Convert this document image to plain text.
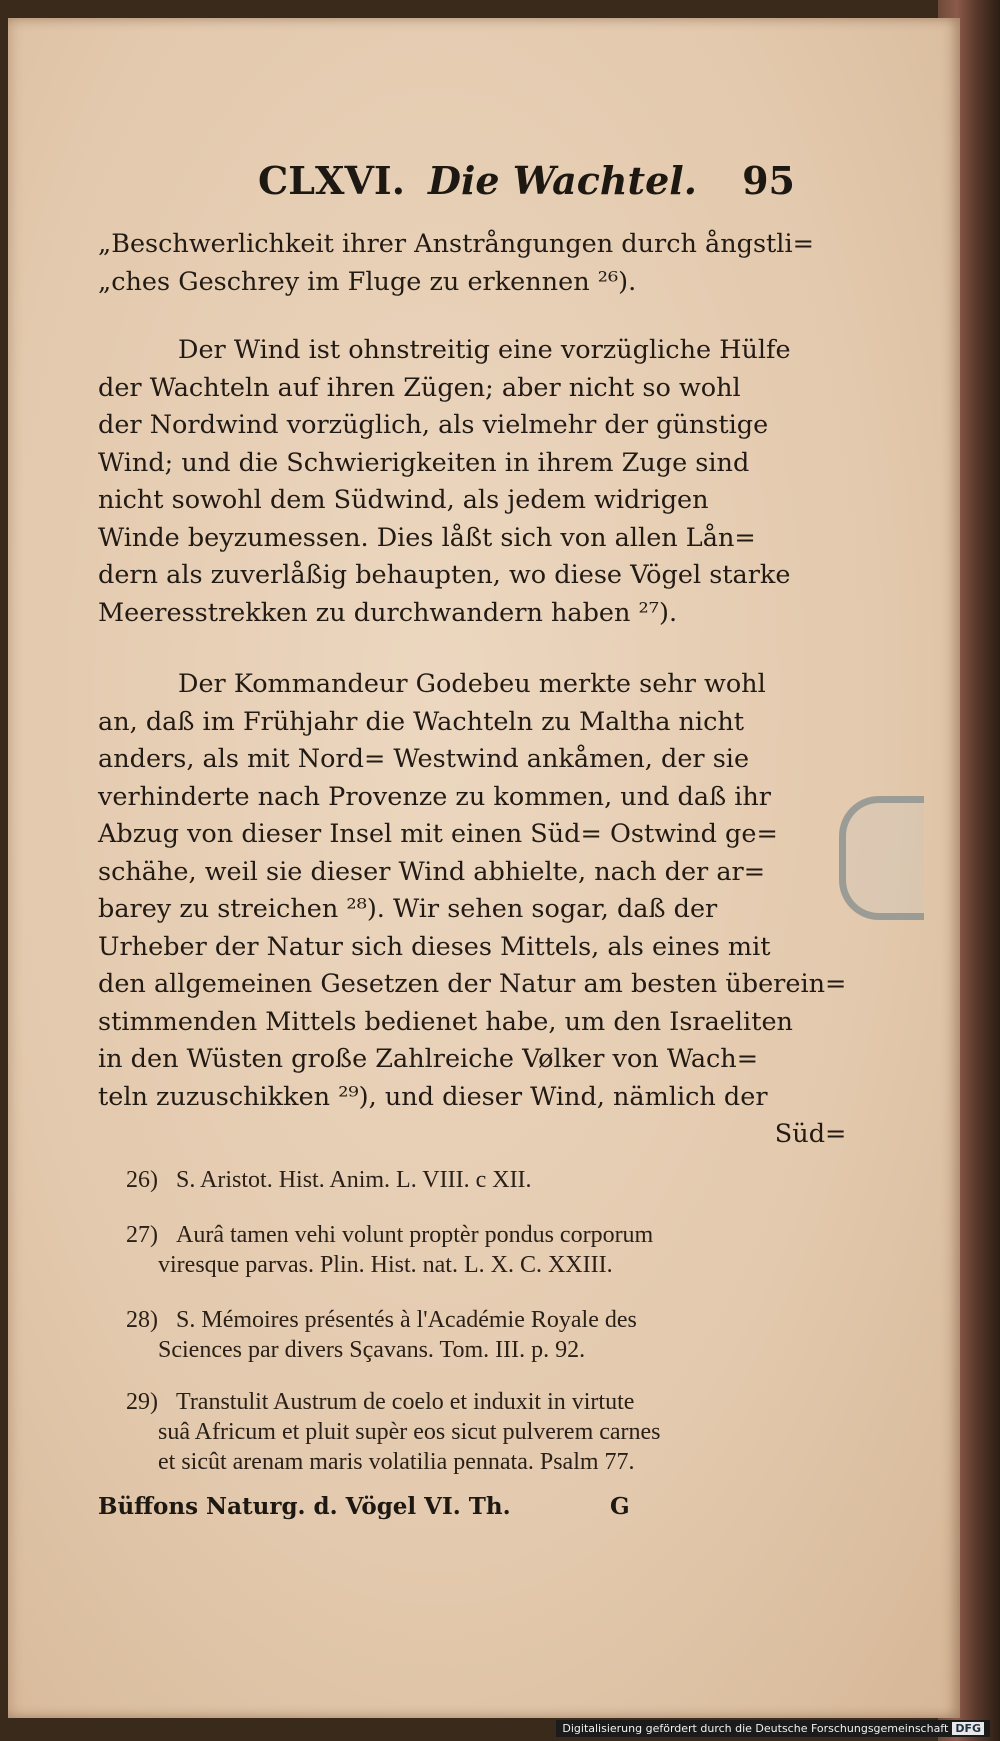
CLXVI. Die Wachtel. 95
„Beschwerlichkeit ihrer Anstrångungen durch ångstli=
„ches Geschrey im Fluge zu erkennen ²⁶).
Der Wind ist ohnstreitig eine vorzügliche Hülfe
der Wachteln auf ihren Zügen; aber nicht so wohl
der Nordwind vorzüglich, als vielmehr der günstige
Wind; und die Schwierigkeiten in ihrem Zuge sind
nicht sowohl dem Südwind, als jedem widrigen
Winde beyzumessen. Dies låßt sich von allen Lån=
dern als zuverlåßig behaupten, wo diese Vögel starke
Meeresstrekken zu durchwandern haben ²⁷).
Der Kommandeur Godebeu merkte sehr wohl
an, daß im Frühjahr die Wachteln zu Maltha nicht
anders, als mit Nord= Westwind ankåmen, der sie
verhinderte nach Provenze zu kommen, und daß ihr
Abzug von dieser Insel mit einen Süd= Ostwind ge=
schähe, weil sie dieser Wind abhielte, nach der ar=
barey zu streichen ²⁸). Wir sehen sogar, daß der
Urheber der Natur sich dieses Mittels, als eines mit
den allgemeinen Gesetzen der Natur am besten überein=
stimmenden Mittels bedienet habe, um den Israeliten
in den Wüsten große Zahlreiche Vølker von Wach=
teln zuzuschikken ²⁹), und dieser Wind, nämlich der
Süd=
26) S. Aristot. Hist. Anim. L. VIII. c XII.
27) Aurâ tamen vehi volunt proptèr pondus corporum
viresque parvas. Plin. Hist. nat. L. X. C. XXIII.
28) S. Mémoires présentés à l'Académie Royale des
Sciences par divers Sçavans. Tom. III. p. 92.
29) Transtulit Austrum de coelo et induxit in virtute
suâ Africum et pluit supèr eos sicut pulverem carnes
et sicût arenam maris volatilia pennata. Psalm 77.
Büffons Naturg. d. Vögel VI. Th.	G
Digitalisierung gefördert durch die Deutsche Forschungsgemeinschaft DFG
